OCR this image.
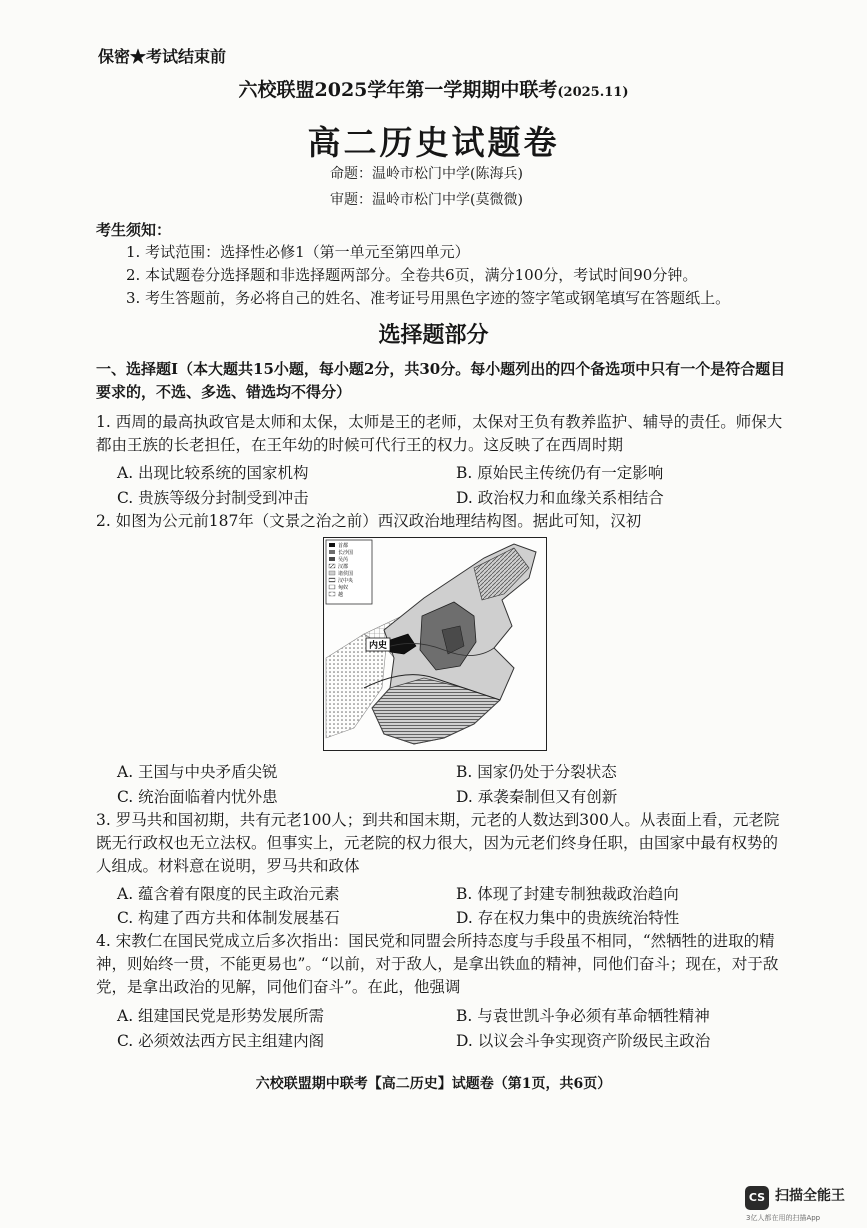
保密★考试结束前
六校联盟2025学年第一学期期中联考(2025.11)
高二历史试题卷
命题：温岭市松门中学(陈海兵)
审题：温岭市松门中学(莫微微)
考生须知：
1. 考试范围：选择性必修1（第一单元至第四单元）
2. 本试题卷分选择题和非选择题两部分。全卷共6页，满分100分，考试时间90分钟。
3. 考生答题前，务必将自己的姓名、准考证号用黑色字迹的签字笔或钢笔填写在答题纸上。
选择题部分
一、选择题Ⅰ（本大题共15小题，每小题2分，共30分。每小题列出的四个备选项中只有一个是符合题目要求的，不选、多选、错选均不得分）
1. 西周的最高执政官是太师和太保，太师是王的老师，太保对王负有教养监护、辅导的责任。师保大都由王族的长老担任，在王年幼的时候可代行王的权力。这反映了在西周时期
A. 出现比较系统的国家机构	B. 原始民主传统仍有一定影响
C. 贵族等级分封制受到冲击	D. 政治权力和血缘关系相结合
2. 如图为公元前187年（文景之治之前）西汉政治地理结构图。据此可知，汉初
首都
长沙国
吴芮
汉郡
诸侯国
汉中央
匈奴
越
内史
A. 王国与中央矛盾尖锐	B. 国家仍处于分裂状态
C. 统治面临着内忧外患	D. 承袭秦制但又有创新
3. 罗马共和国初期，共有元老100人；到共和国末期，元老的人数达到300人。从表面上看，元老院既无行政权也无立法权。但事实上，元老院的权力很大，因为元老们终身任职，由国家中最有权势的人组成。材料意在说明，罗马共和政体
A. 蕴含着有限度的民主政治元素	B. 体现了封建专制独裁政治趋向
C. 构建了西方共和体制发展基石	D. 存在权力集中的贵族统治特性
4. 宋教仁在国民党成立后多次指出：国民党和同盟会所持态度与手段虽不相同，“然牺牲的进取的精神，则始终一贯，不能更易也”。“以前，对于敌人，是拿出铁血的精神，同他们奋斗；现在，对于敌党，是拿出政治的见解，同他们奋斗”。在此，他强调
A. 组建国民党是形势发展所需	B. 与袁世凯斗争必须有革命牺牲精神
C. 必须效法西方民主组建内阁	D. 以议会斗争实现资产阶级民主政治
六校联盟期中联考【高二历史】试题卷（第1页，共6页）
CS 扫描全能王
3亿人都在用的扫描App
